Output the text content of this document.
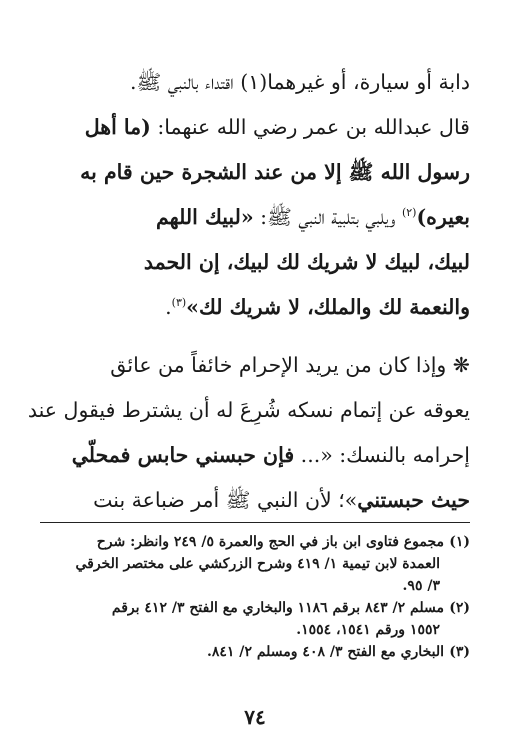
دابة أو سيارة، أو غيرهما(١) اقتداء بالنبي ﷺ.
قال عبدالله بن عمر رضي الله عنهما: (ما أهل
رسول الله ﷺ إلا من عند الشجرة حين قام به
بعيره)$^{(٢)}$ ويلبي بتلبية النبي ﷺ: «لبيك اللهم
لبيك، لبيك لا شريك لك لبيك، إن الحمد
والنعمة لك والملك، لا شريك لك»$^{(٣)}$.
❋ وإذا كان من يريد الإحرام خائفاً من عائق
يعوقه عن إتمام نسكه شُرِعَ له أن يشترط فيقول عند
إحرامه بالنسك: «... فإن حبسني حابس فمحلّي
حيث حبستني»؛ لأن النبي ﷺ أمر ضباعة بنت
(١)مجموع فتاوى ابن باز في الحج والعمرة ٥/ ٢٤٩ وانظر: شرح
العمدة لابن تيمية ١/ ٤١٩ وشرح الزركشي على مختصر الخرقي
٣/ ٩٥.
(٢)مسلم ٢/ ٨٤٣ برقم ١١٨٦ والبخاري مع الفتح ٣/ ٤١٢ برقم
١٥٥٢ ورقم ١٥٤١، ١٥٥٤.
(٣)البخاري مع الفتح ٣/ ٤٠٨ ومسلم ٢/ ٨٤١.
٧٤
